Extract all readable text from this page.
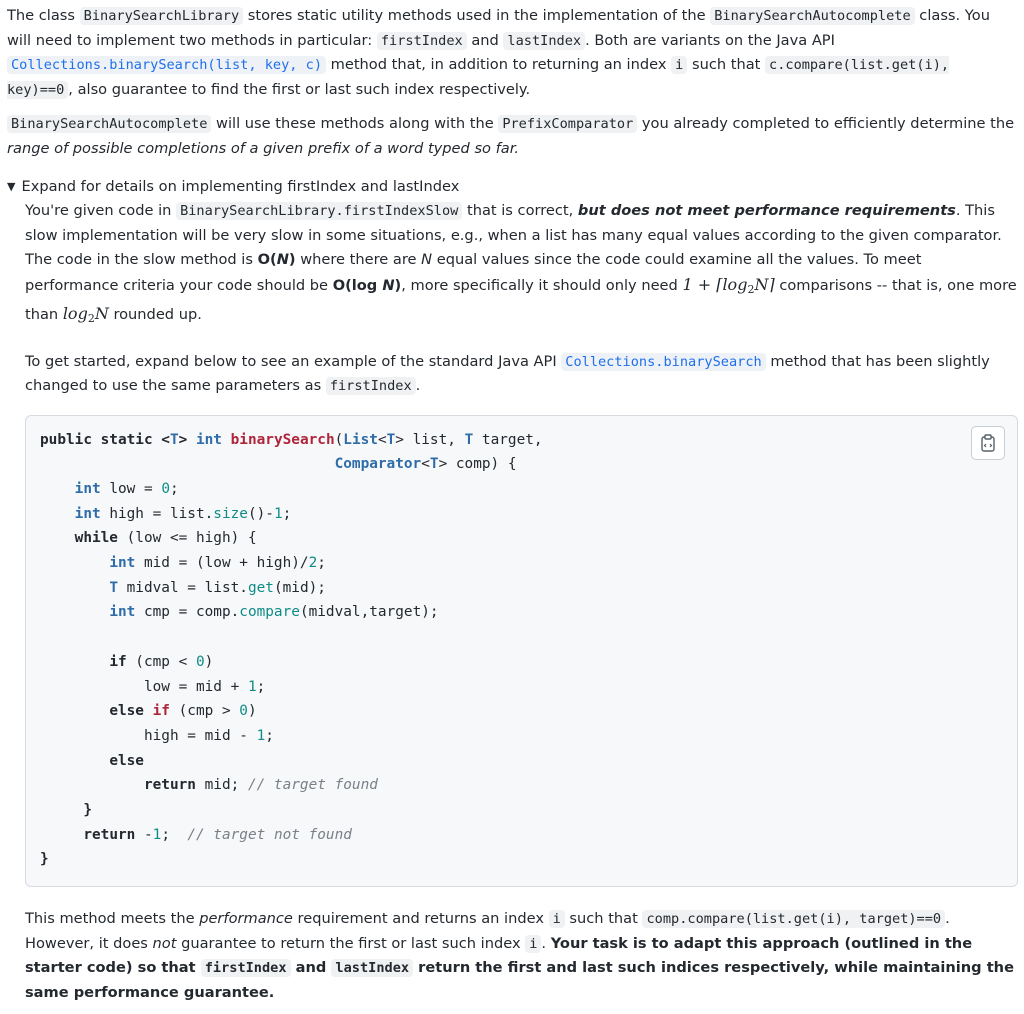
The class BinarySearchLibrary stores static utility methods used in the implementation of the BinarySearchAutocomplete class. You will need to implement two methods in particular: firstIndex and lastIndex . Both are variants on the Java API Collections.binarySearch(list, key, c) method that, in addition to returning an index i such that c.compare(list.get(i), key)==0 , also guarantee to find the first or last such index respectively.

BinarySearchAutocomplete will use these methods along with the PrefixComparator you already completed to efficiently determine the range of possible completions of a given prefix of a word typed so far.

▼ Expand for details on implementing firstIndex and lastIndex

You're given code in BinarySearchLibrary.firstIndexSlow that is correct, but does not meet performance requirements. This slow implementation will be very slow in some situations, e.g., when a list has many equal values according to the given comparator. The code in the slow method is O(N) where there are N equal values since the code could examine all the values. To meet performance criteria your code should be O(log N), more specifically it should only need $1 + ⌈\log_2N⌉$ comparisons -- that is, one more than $\log_2N$ rounded up.

To get started, expand below to see an example of the standard Java API Collections.binarySearch method that has been slightly changed to use the same parameters as firstIndex .

public static <T> int binarySearch(List<T> list, T target,
Comparator<T> comp) {
int low = 0;
int high = list.size()-1;
while (low <= high) {
int mid = (low + high)/2;
T midval = list.get(mid);
int cmp = comp.compare(midval,target);

if (cmp < 0)
low = mid + 1;
else if (cmp > 0)
high = mid - 1;
else
return mid; // target found
}
return -1;  // target not found
}

This method meets the performance requirement and returns an index i such that comp.compare(list.get(i), target)==0 . However, it does not guarantee to return the first or last such index i . Your task is to adapt this approach (outlined in the starter code) so that firstIndex and lastIndex return the first and last such indices respectively, while maintaining the same performance guarantee.
